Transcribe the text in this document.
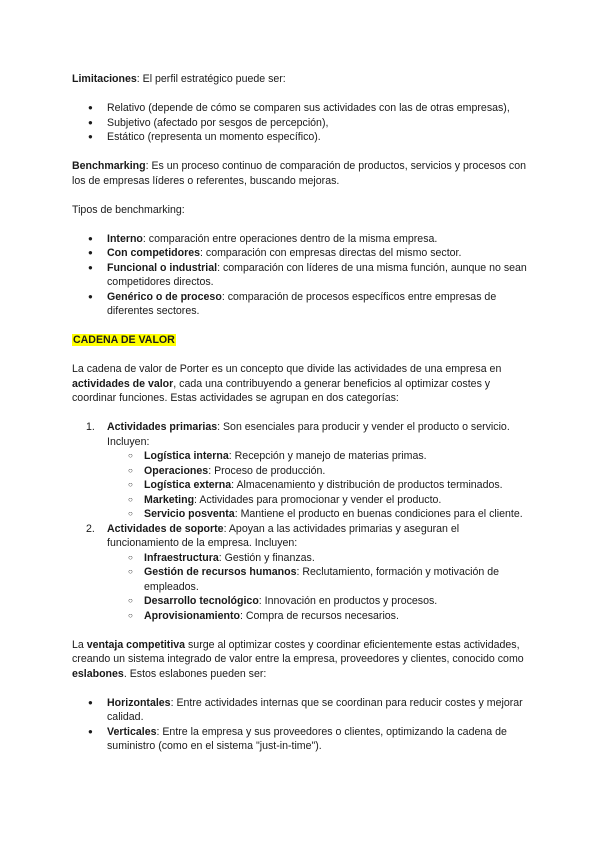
Limitaciones: El perfil estratégico puede ser:

● Relativo (depende de cómo se comparen sus actividades con las de otras empresas),
● Subjetivo (afectado por sesgos de percepción),
● Estático (representa un momento específico).

Benchmarking: Es un proceso continuo de comparación de productos, servicios y procesos con los de empresas líderes o referentes, buscando mejoras.

Tipos de benchmarking:

● Interno: comparación entre operaciones dentro de la misma empresa.
● Con competidores: comparación con empresas directas del mismo sector.
● Funcional o industrial: comparación con líderes de una misma función, aunque no sean competidores directos.
● Genérico o de proceso: comparación de procesos específicos entre empresas de diferentes sectores.

CADENA DE VALOR

La cadena de valor de Porter es un concepto que divide las actividades de una empresa en actividades de valor, cada una contribuyendo a generar beneficios al optimizar costes y coordinar funciones. Estas actividades se agrupan en dos categorías:

1. Actividades primarias: Son esenciales para producir y vender el producto o servicio. Incluyen:
○ Logística interna: Recepción y manejo de materias primas.
○ Operaciones: Proceso de producción.
○ Logística externa: Almacenamiento y distribución de productos terminados.
○ Marketing: Actividades para promocionar y vender el producto.
○ Servicio posventa: Mantiene el producto en buenas condiciones para el cliente.
2. Actividades de soporte: Apoyan a las actividades primarias y aseguran el funcionamiento de la empresa. Incluyen:
○ Infraestructura: Gestión y finanzas.
○ Gestión de recursos humanos: Reclutamiento, formación y motivación de empleados.
○ Desarrollo tecnológico: Innovación en productos y procesos.
○ Aprovisionamiento: Compra de recursos necesarios.

La ventaja competitiva surge al optimizar costes y coordinar eficientemente estas actividades, creando un sistema integrado de valor entre la empresa, proveedores y clientes, conocido como eslabones. Estos eslabones pueden ser:

● Horizontales: Entre actividades internas que se coordinan para reducir costes y mejorar calidad.
● Verticales: Entre la empresa y sus proveedores o clientes, optimizando la cadena de suministro (como en el sistema "just-in-time").
